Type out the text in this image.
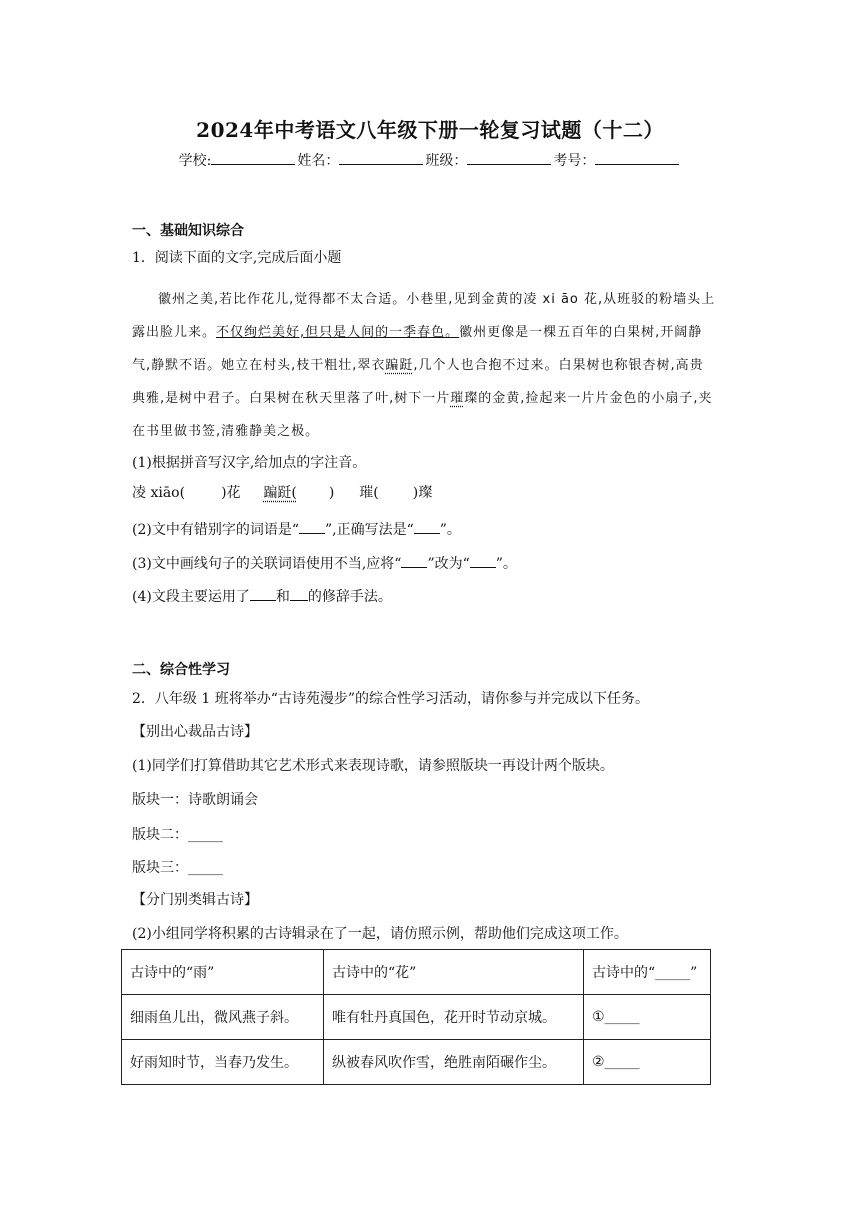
2024年中考语文八年级下册一轮复习试题（十二）
学校:	姓名：	班级：	考号：
一、基础知识综合
1．阅读下面的文字,完成后面小题
徽州之美,若比作花儿,觉得都不太合适。小巷里,见到金黄的凌 xi āo 花,从班驳的粉墙头上露出脸儿来。不仅绚烂美好,但只是人间的一季春色。徽州更像是一棵五百年的白果树,开阔静气,静默不语。她立在村头,枝干粗壮,翠衣蹁跹,几个人也合抱不过来。白果树也称银杏树,高贵典雅,是树中君子。白果树在秋天里落了叶,树下一片璀璨的金黄,捡起来一片片金色的小扇子,夹在书里做书签,清雅静美之极。
(1)根据拼音写汉字,给加点的字注音。
凌 xiāo(	)花 蹁跹( ) 璀( )璨
(2)文中有错别字的词语是“ ”,正确写法是“ ”。
(3)文中画线句子的关联词语使用不当,应将“ ”改为“ ”。
(4)文段主要运用了 和 的修辞手法。
二、综合性学习
2．八年级 1 班将举办“古诗苑漫步”的综合性学习活动，请你参与并完成以下任务。
【别出心裁品古诗】
(1)同学们打算借助其它艺术形式来表现诗歌，请参照版块一再设计两个版块。
版块一：诗歌朗诵会
版块二：_____
版块三：_____
【分门别类辑古诗】
(2)小组同学将积累的古诗辑录在了一起，请仿照示例，帮助他们完成这项工作。
古诗中的“雨”	古诗中的“花”	古诗中的“_____”
细雨鱼儿出，微风燕子斜。	唯有牡丹真国色，花开时节动京城。	①_____
好雨知时节，当春乃发生。	纵被春风吹作雪，绝胜南陌碾作尘。	②_____
